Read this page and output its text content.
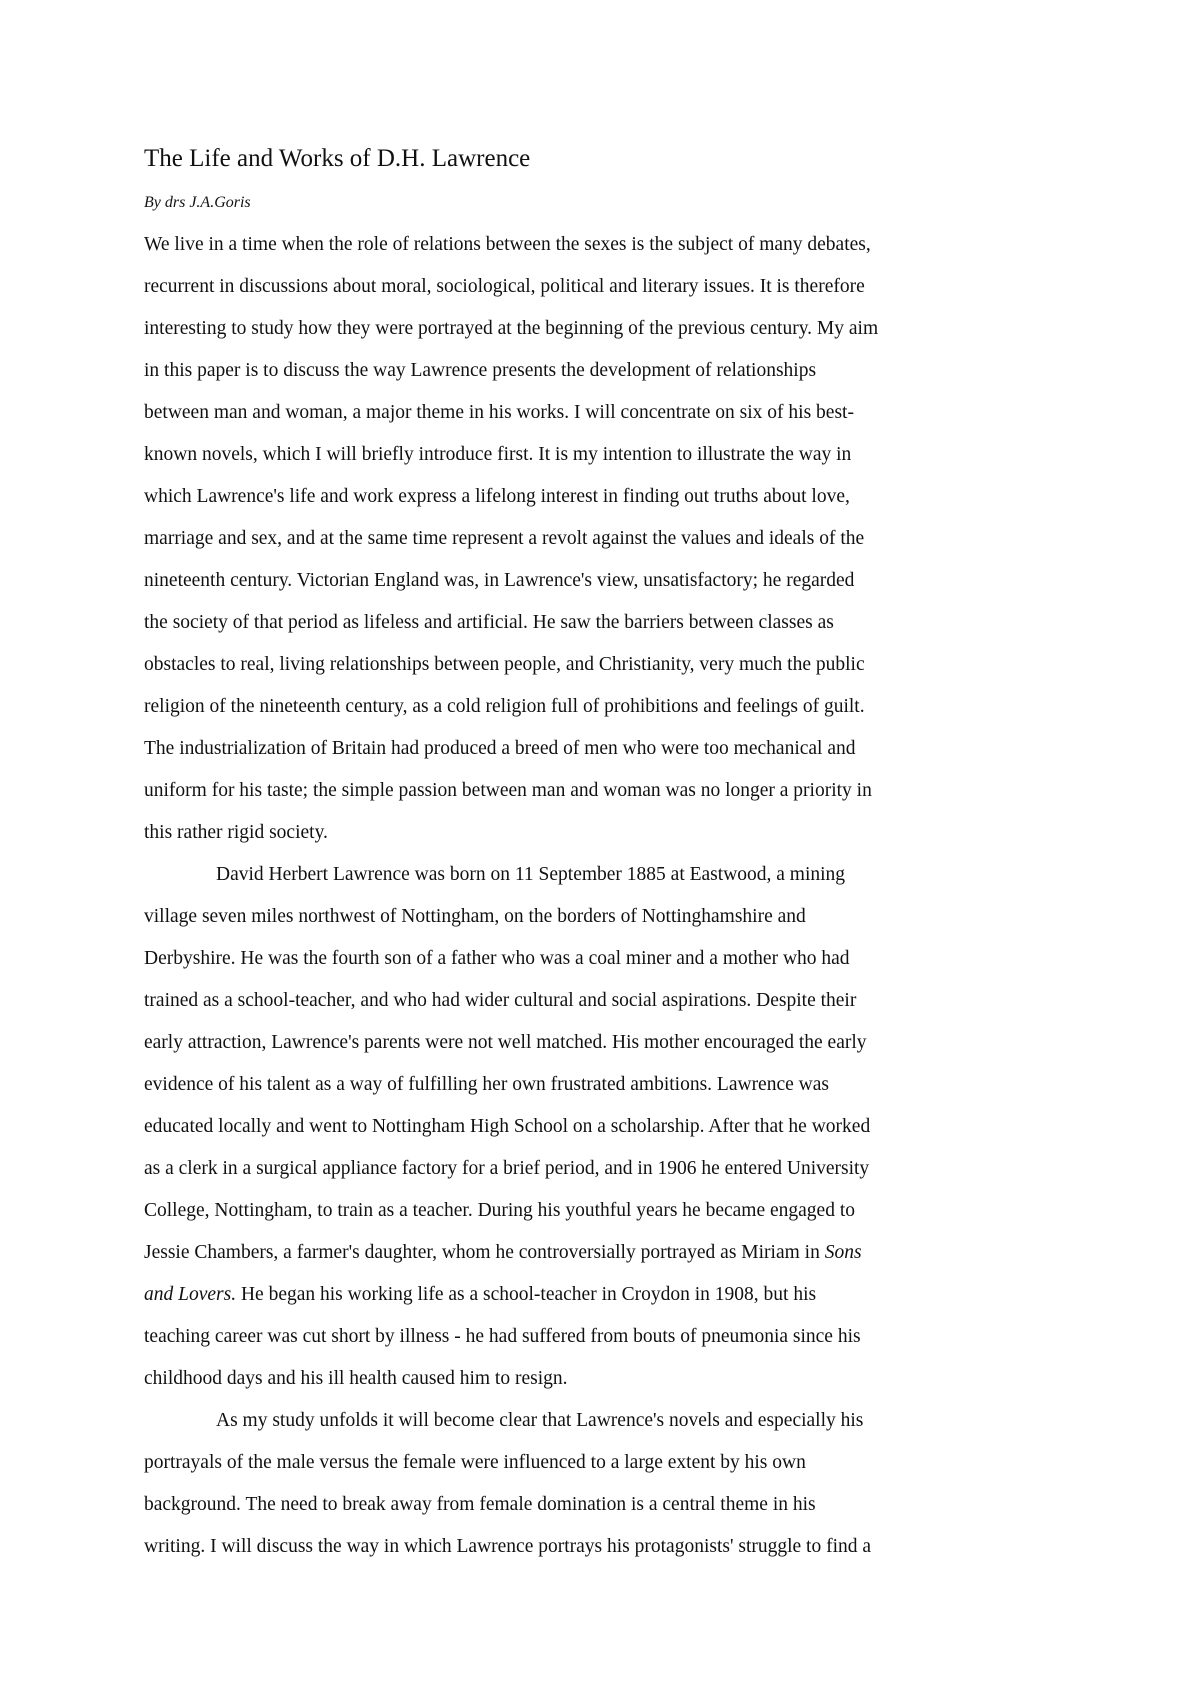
The Life and Works of D.H. Lawrence

By drs J.A.Goris

We live in a time when the role of relations between the sexes is the subject of many debates,
recurrent in discussions about moral, sociological, political and literary issues. It is therefore
interesting to study how they were portrayed at the beginning of the previous century. My aim
in this paper is to discuss the way Lawrence presents the development of relationships
between man and woman, a major theme in his works. I will concentrate on six of his best-
known novels, which I will briefly introduce first. It is my intention to illustrate the way in
which Lawrence's life and work express a lifelong interest in finding out truths about love,
marriage and sex, and at the same time represent a revolt against the values and ideals of the
nineteenth century. Victorian England was, in Lawrence's view, unsatisfactory; he regarded
the society of that period as lifeless and artificial. He saw the barriers between classes as
obstacles to real, living relationships between people, and Christianity, very much the public
religion of the nineteenth century, as a cold religion full of prohibitions and feelings of guilt.
The industrialization of Britain had produced a breed of men who were too mechanical and
uniform for his taste; the simple passion between man and woman was no longer a priority in
this rather rigid society.
David Herbert Lawrence was born on 11 September 1885 at Eastwood, a mining
village seven miles northwest of Nottingham, on the borders of Nottinghamshire and
Derbyshire. He was the fourth son of a father who was a coal miner and a mother who had
trained as a school-teacher, and who had wider cultural and social aspirations. Despite their
early attraction, Lawrence's parents were not well matched. His mother encouraged the early
evidence of his talent as a way of fulfilling her own frustrated ambitions. Lawrence was
educated locally and went to Nottingham High School on a scholarship. After that he worked
as a clerk in a surgical appliance factory for a brief period, and in 1906 he entered University
College, Nottingham, to train as a teacher. During his youthful years he became engaged to
Jessie Chambers, a farmer's daughter, whom he controversially portrayed as Miriam in Sons
and Lovers. He began his working life as a school-teacher in Croydon in 1908, but his
teaching career was cut short by illness - he had suffered from bouts of pneumonia since his
childhood days and his ill health caused him to resign.
As my study unfolds it will become clear that Lawrence's novels and especially his
portrayals of the male versus the female were influenced to a large extent by his own
background. The need to break away from female domination is a central theme in his
writing. I will discuss the way in which Lawrence portrays his protagonists' struggle to find a
